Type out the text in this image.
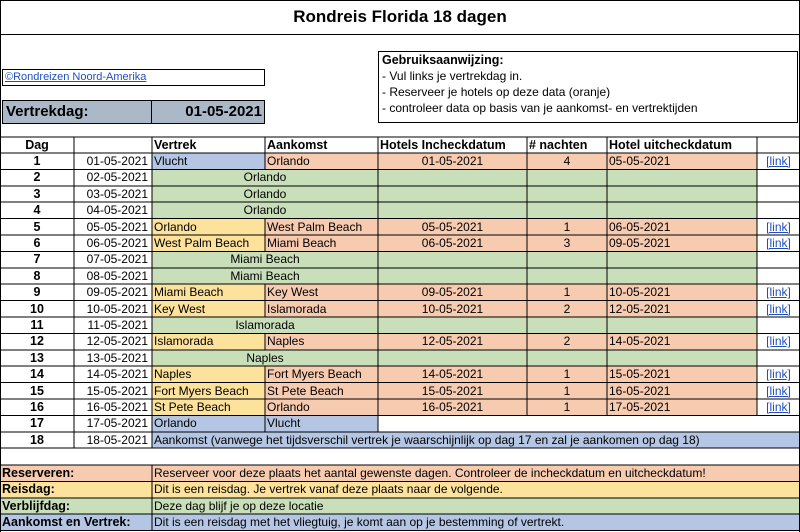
Rondreis Florida 18 dagen
©Rondreizen Noord-Amerika
Vertrekdag:	01-05-2021
Gebruiksaanwijzing:
- Vul links je vertrekdag in.
- Reserveer je hotels op deze data (oranje)
- controleer data op basis van je aankomst- en vertrektijden
Dag	Vertrek	Aankomst	Hotels Incheckdatum	# nachten	Hotel uitcheckdatum
1	01-05-2021 Vlucht	Orlando	01-05-2021	4	05-05-2021	[link]
2	02-05-2021	Orlando
3	03-05-2021	Orlando
4	04-05-2021	Orlando
5	05-05-2021 Orlando	West Palm Beach	05-05-2021	1	06-05-2021	[link]
6	06-05-2021 West Palm Beach	Miami Beach	06-05-2021	3	09-05-2021	[link]
7	07-05-2021	Miami Beach
8	08-05-2021	Miami Beach
9	09-05-2021 Miami Beach	Key West	09-05-2021	1	10-05-2021	[link]
10	10-05-2021 Key West	Islamorada	10-05-2021	2	12-05-2021	[link]
11	11-05-2021	Islamorada
12	12-05-2021 Islamorada	Naples	12-05-2021	2	14-05-2021	[link]
13	13-05-2021	Naples
14	14-05-2021 Naples	Fort Myers Beach	14-05-2021	1	15-05-2021	[link]
15	15-05-2021 Fort Myers Beach	St Pete Beach	15-05-2021	1	16-05-2021	[link]
16	16-05-2021 St Pete Beach	Orlando	16-05-2021	1	17-05-2021	[link]
17	17-05-2021 Orlando	Vlucht
18	18-05-2021 Aankomst (vanwege het tijdsverschil vertrek je waarschijnlijk op dag 17 en zal je aankomen op dag 18)
Reserveren:	Reserveer voor deze plaats het aantal gewenste dagen. Controleer de incheckdatum en uitcheckdatum!
Reisdag:	Dit is een reisdag. Je vertrek vanaf deze plaats naar de volgende.
Verblijfdag:	Deze dag blijf je op deze locatie
Aankomst en Vertrek:	Dit is een reisdag met het vliegtuig, je komt aan op je bestemming of vertrekt.
